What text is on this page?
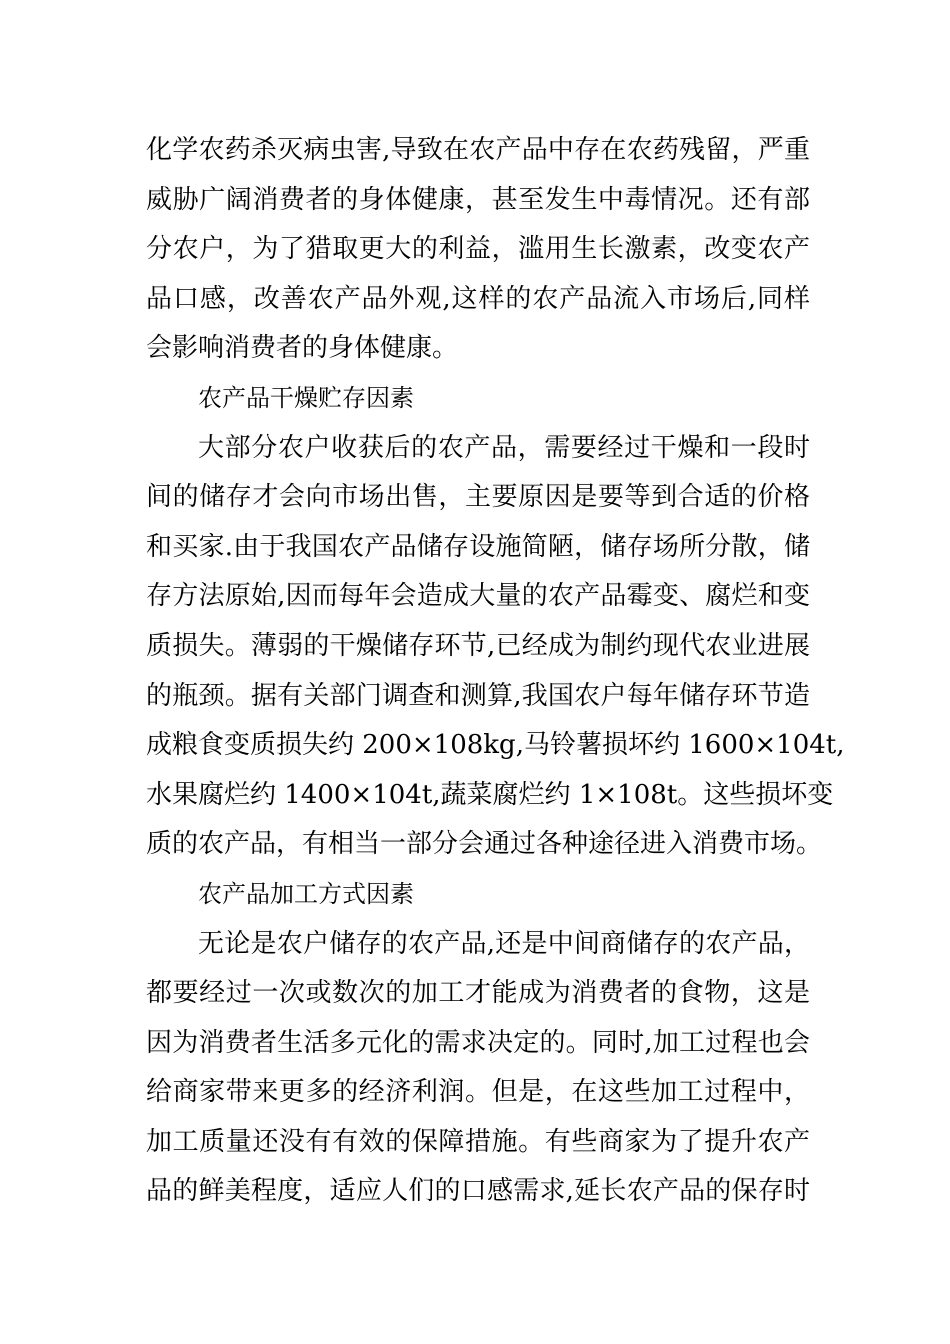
化学农药杀灭病虫害,导致在农产品中存在农药残留，严重
威胁广阔消费者的身体健康，甚至发生中毒情况。还有部
分农户，为了猎取更大的利益，滥用生长激素，改变农产
品口感，改善农产品外观,这样的农产品流入市场后,同样
会影响消费者的身体健康。
农产品干燥贮存因素
大部分农户收获后的农产品，需要经过干燥和一段时
间的储存才会向市场出售，主要原因是要等到合适的价格
和买家.由于我国农产品储存设施简陋，储存场所分散，储
存方法原始,因而每年会造成大量的农产品霉变、腐烂和变
质损失。薄弱的干燥储存环节,已经成为制约现代农业进展
的瓶颈。据有关部门调查和测算,我国农户每年储存环节造
成粮食变质损失约 200×108kg,马铃薯损坏约 1600×104t,
水果腐烂约 1400×104t,蔬菜腐烂约 1×108t。这些损坏变
质的农产品，有相当一部分会通过各种途径进入消费市场。
农产品加工方式因素
无论是农户储存的农产品,还是中间商储存的农产品，
都要经过一次或数次的加工才能成为消费者的食物，这是
因为消费者生活多元化的需求决定的。同时,加工过程也会
给商家带来更多的经济利润。但是，在这些加工过程中，
加工质量还没有有效的保障措施。有些商家为了提升农产
品的鲜美程度，适应人们的口感需求,延长农产品的保存时
